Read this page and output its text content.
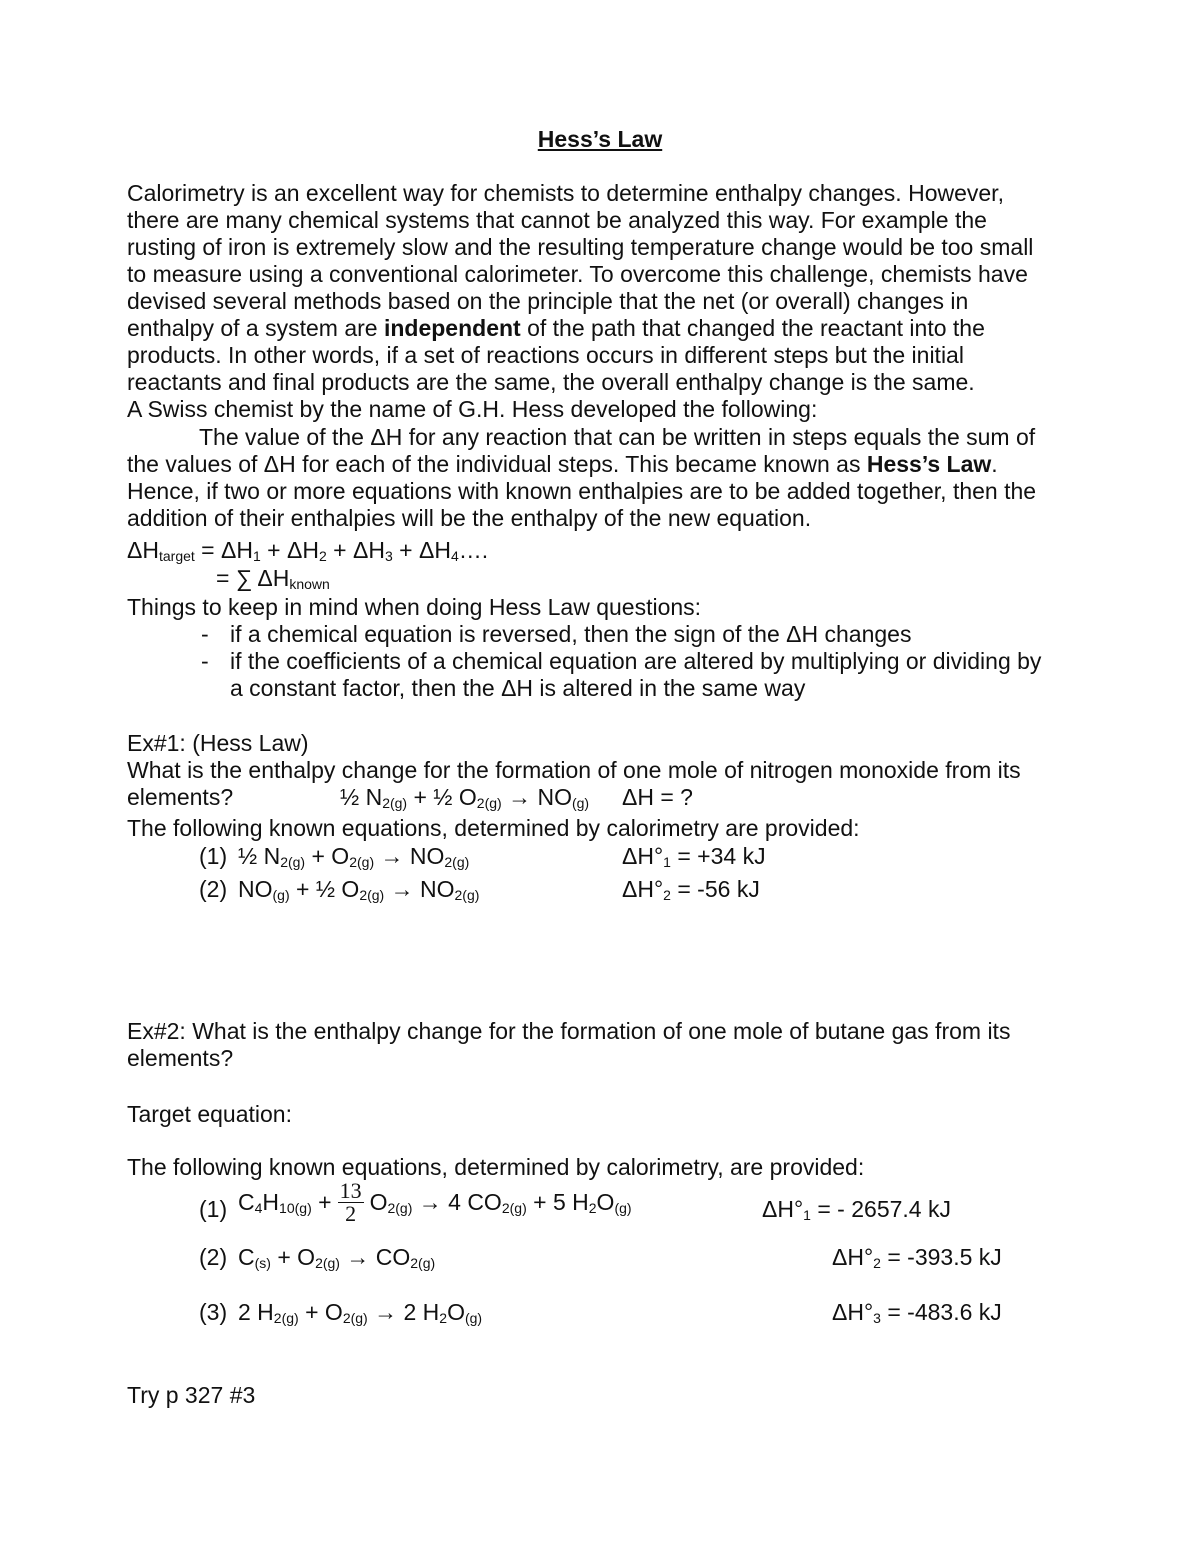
Hess’s Law
Calorimetry is an excellent way for chemists to determine enthalpy changes. However,
there are many chemical systems that cannot be analyzed this way. For example the
rusting of iron is extremely slow and the resulting temperature change would be too small
to measure using a conventional calorimeter. To overcome this challenge, chemists have
devised several methods based on the principle that the net (or overall) changes in
enthalpy of a system are independent of the path that changed the reactant into the
products. In other words, if a set of reactions occurs in different steps but the initial
reactants and final products are the same, the overall enthalpy change is the same.
A Swiss chemist by the name of G.H. Hess developed the following:
The value of the ΔH for any reaction that can be written in steps equals the sum of
the values of ΔH for each of the individual steps. This became known as Hess’s Law.
Hence, if two or more equations with known enthalpies are to be added together, then the
addition of their enthalpies will be the enthalpy of the new equation.
$\Delta H_{target} = \Delta H_1 + \Delta H_2 + \Delta H_3$ + $\Delta H_4\dots$.
= ∑ $\Delta H_{known}$
Things to keep in mind when doing Hess Law questions:
- if a chemical equation is reversed, then the sign of the ΔH changes
- if the coefficients of a chemical equation are altered by multiplying or dividing by
a constant factor, then the ΔH is altered in the same way
Ex#1: (Hess Law)
What is the enthalpy change for the formation of one mole of nitrogen monoxide from its
elements?	½ $N_{2(g)}$ + ½ $O_{2(g)} \to NO_{(g)}$ ΔH = ?
The following known equations, determined by calorimetry are provided:
(1) ½ $N_{2(g)} + O_{2(g)} \to NO_{2(g)}$	$\Delta H^\circ_1 = +34$ kJ
(2) $NO_{(g)}$ + ½ $O_{2(g)} \to NO_{2(g)}$	$\Delta H^\circ_2 = -56$ kJ
Ex#2: What is the enthalpy change for the formation of one mole of butane gas from its
elements?
Target equation:
The following known equations, determined by calorimetry, are provided:
(1) $C_4H_{10(g)} + \frac{13}{2} O_{2(g)} \to 4$ $CO_{2(g)} + 5$ $H_2O_{(g)}$	$\Delta H^\circ_1$ = - 2657.4 kJ
(2) $C_{(s)} + O_{2(g)} \to CO_{2(g)}$	$\Delta H^\circ_2 = -393.5$ kJ
(3) 2 $H_{2(g)} + O_{2(g)} \to 2$ $H_2O_{(g)}$	$\Delta H^\circ_3 = -483.6$ kJ
Try p 327 #3
